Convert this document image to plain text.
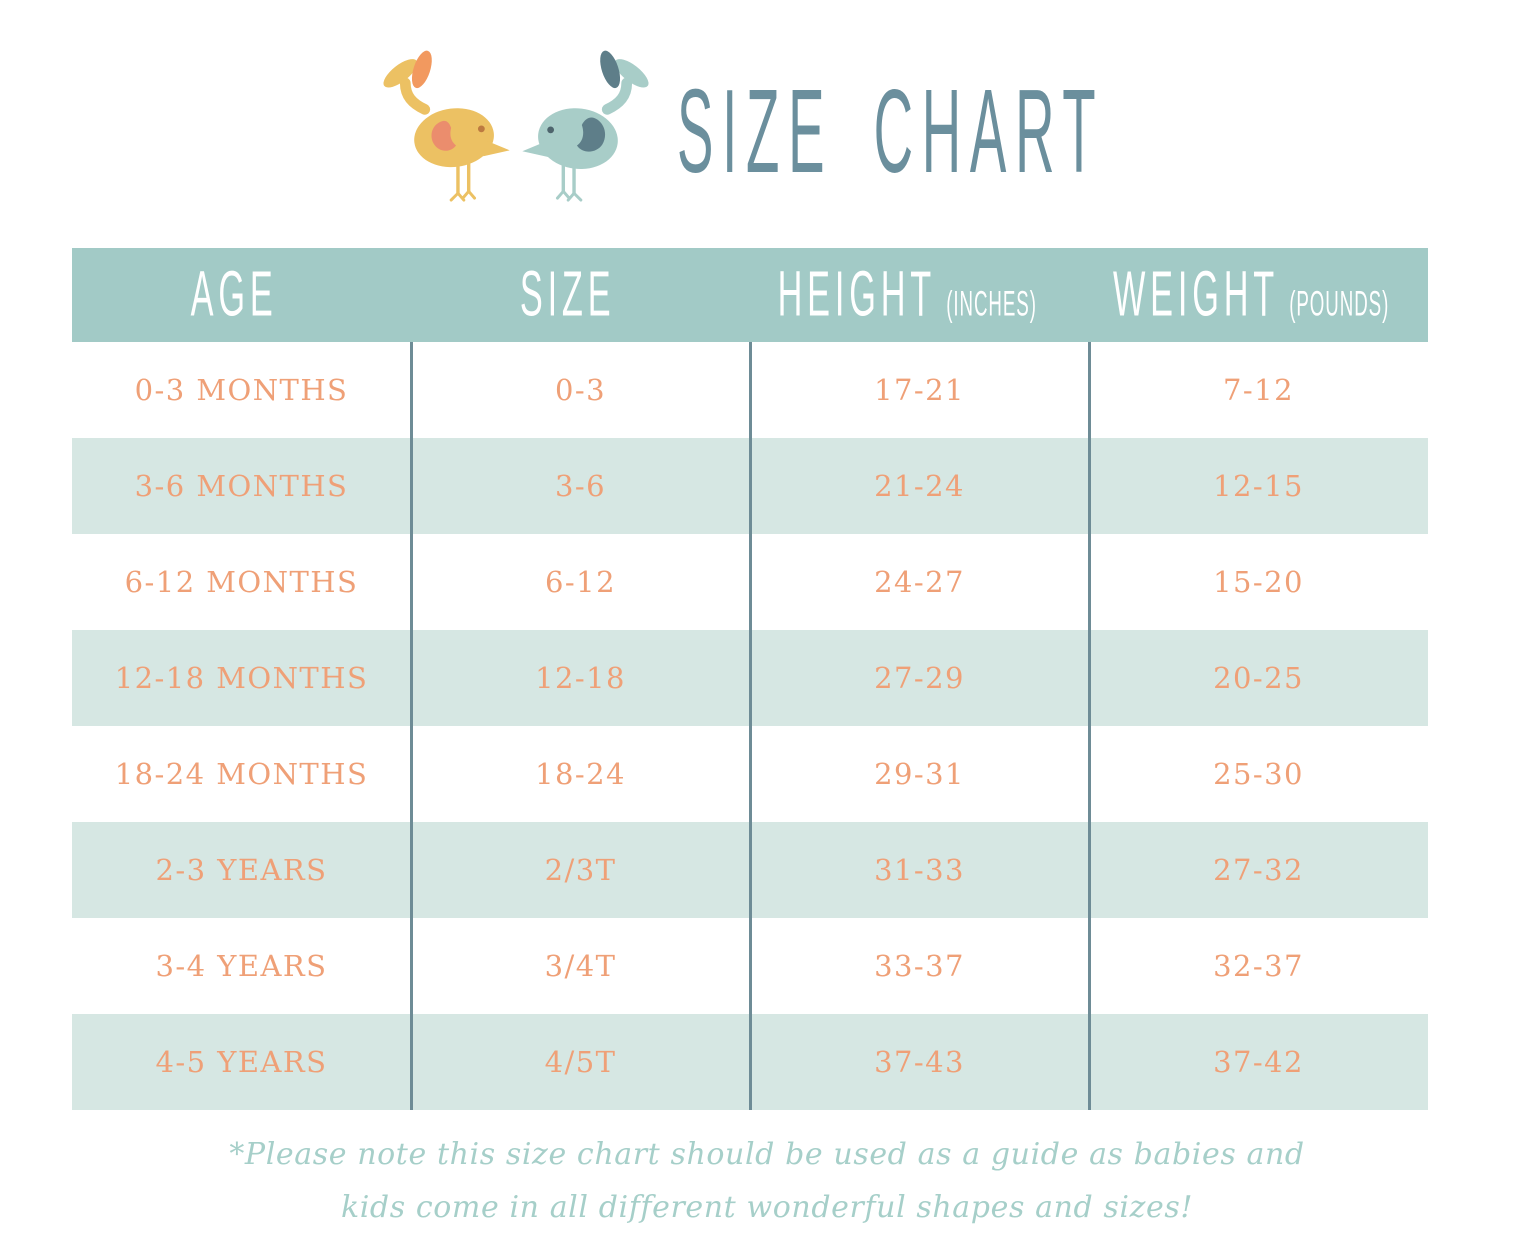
SIZE CHART
AGE	SIZE	HEIGHT (INCHES) WEIGHT (POUNDS)
0-3 MONTHS	0-3	17-21	7-12
3-6 MONTHS	3-6	21-24	12-15
6-12 MONTHS	6-12	24-27	15-20
12-18 MONTHS	12-18	27-29	20-25
18-24 MONTHS	18-24	29-31	25-30
2-3 YEARS	2/3T	31-33	27-32
3-4 YEARS	3/4T	33-37	32-37
4-5 YEARS	4/5T	37-43	37-42
*Please note this size chart should be used as a guide as babies and
kids come in all different wonderful shapes and sizes!
